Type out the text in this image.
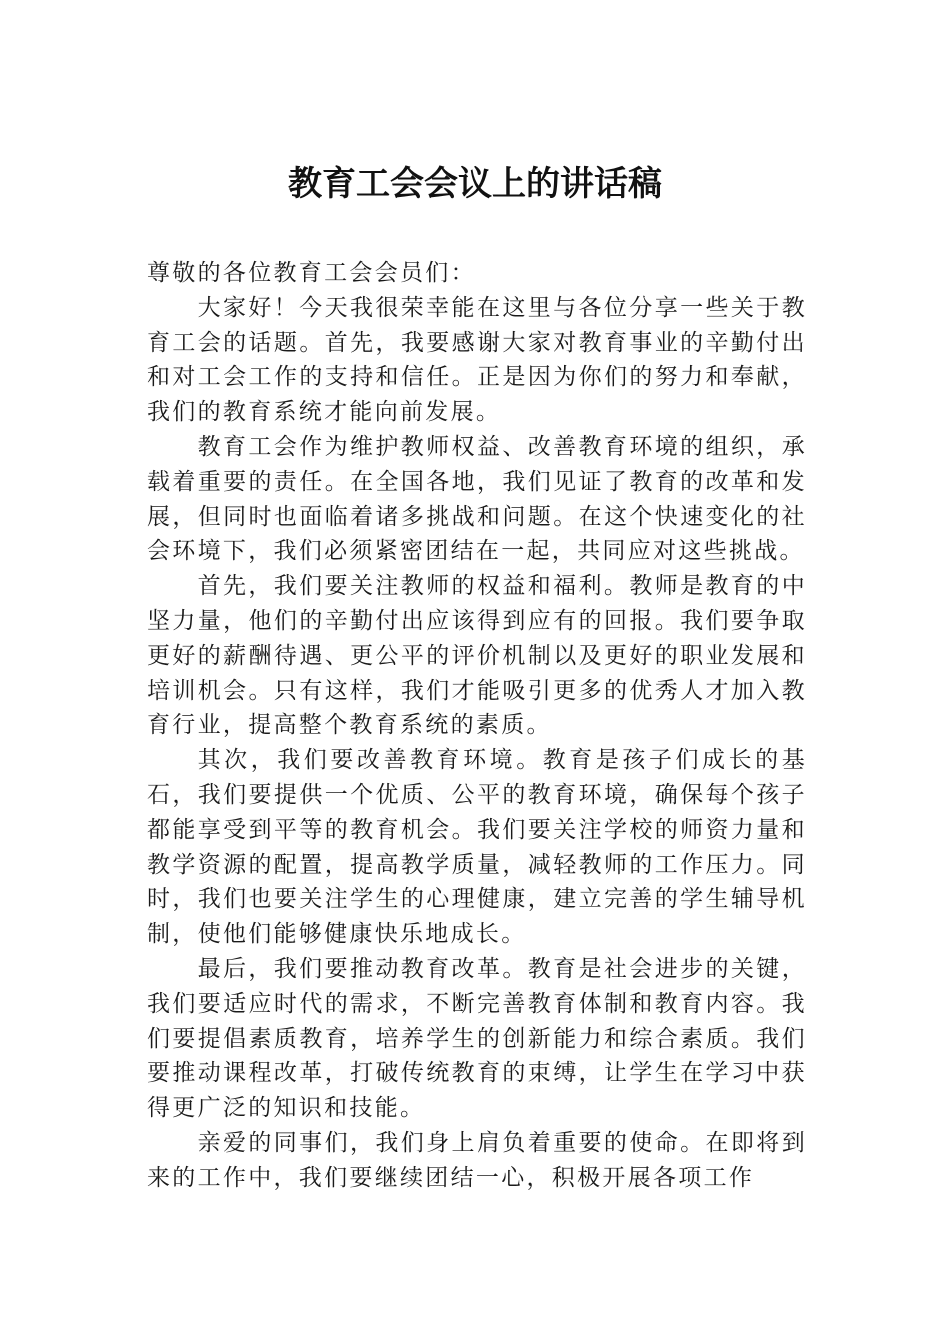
教育工会会议上的讲话稿

尊敬的各位教育工会会员们：

大家好！今天我很荣幸能在这里与各位分享一些关于教育工会的话题。首先，我要感谢大家对教育事业的辛勤付出和对工会工作的支持和信任。正是因为你们的努力和奉献，我们的教育系统才能向前发展。

教育工会作为维护教师权益、改善教育环境的组织，承载着重要的责任。在全国各地，我们见证了教育的改革和发展，但同时也面临着诸多挑战和问题。在这个快速变化的社会环境下，我们必须紧密团结在一起，共同应对这些挑战。

首先，我们要关注教师的权益和福利。教师是教育的中坚力量，他们的辛勤付出应该得到应有的回报。我们要争取更好的薪酬待遇、更公平的评价机制以及更好的职业发展和培训机会。只有这样，我们才能吸引更多的优秀人才加入教育行业，提高整个教育系统的素质。

其次，我们要改善教育环境。教育是孩子们成长的基石，我们要提供一个优质、公平的教育环境，确保每个孩子都能享受到平等的教育机会。我们要关注学校的师资力量和教学资源的配置，提高教学质量，减轻教师的工作压力。同时，我们也要关注学生的心理健康，建立完善的学生辅导机制，使他们能够健康快乐地成长。

最后，我们要推动教育改革。教育是社会进步的关键，我们要适应时代的需求，不断完善教育体制和教育内容。我们要提倡素质教育，培养学生的创新能力和综合素质。我们要推动课程改革，打破传统教育的束缚，让学生在学习中获得更广泛的知识和技能。

亲爱的同事们，我们身上肩负着重要的使命。在即将到来的工作中，我们要继续团结一心，积极开展各项工作
